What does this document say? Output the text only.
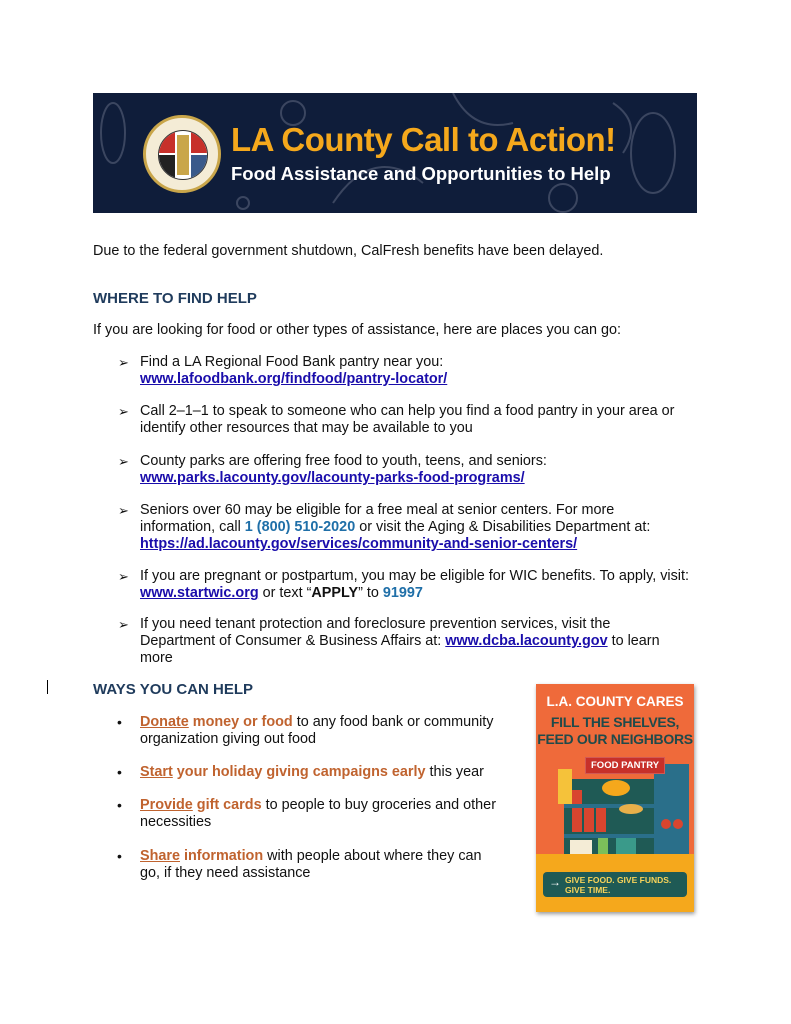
LA County Call to Action!
Food Assistance and Opportunities to Help
Due to the federal government shutdown, CalFresh benefits have been delayed.
WHERE TO FIND HELP
If you are looking for food or other types of assistance, here are places you can go:
➢ Find a LA Regional Food Bank pantry near you:
www.lafoodbank.org/findfood/pantry-locator/
➢ Call 2–1–1 to speak to someone who can help you find a food pantry in your area or identify other resources that may be available to you
➢ County parks are offering free food to youth, teens, and seniors:
www.parks.lacounty.gov/lacounty-parks-food-programs/
➢ Seniors over 60 may be eligible for a free meal at senior centers. For more information, call 1 (800) 510-2020 or visit the Aging & Disabilities Department at:
https://ad.lacounty.gov/services/community-and-senior-centers/
➢ If you are pregnant or postpartum, you may be eligible for WIC benefits. To apply, visit:
www.startwic.org or text “APPLY” to 91997
➢ If you need tenant protection and foreclosure prevention services, visit the Department of Consumer & Business Affairs at: www.dcba.lacounty.gov to learn more
WAYS YOU CAN HELP
• Donate money or food to any food bank or community organization giving out food
• Start your holiday giving campaigns early this year
• Provide gift cards to people to buy groceries and other necessities
• Share information with people about where they can go, if they need assistance
L.A. COUNTY CARES
FILL THE SHELVES,
FEED OUR NEIGHBORS
FOOD PANTRY
→ GIVE FOOD. GIVE FUNDS.
GIVE TIME.
